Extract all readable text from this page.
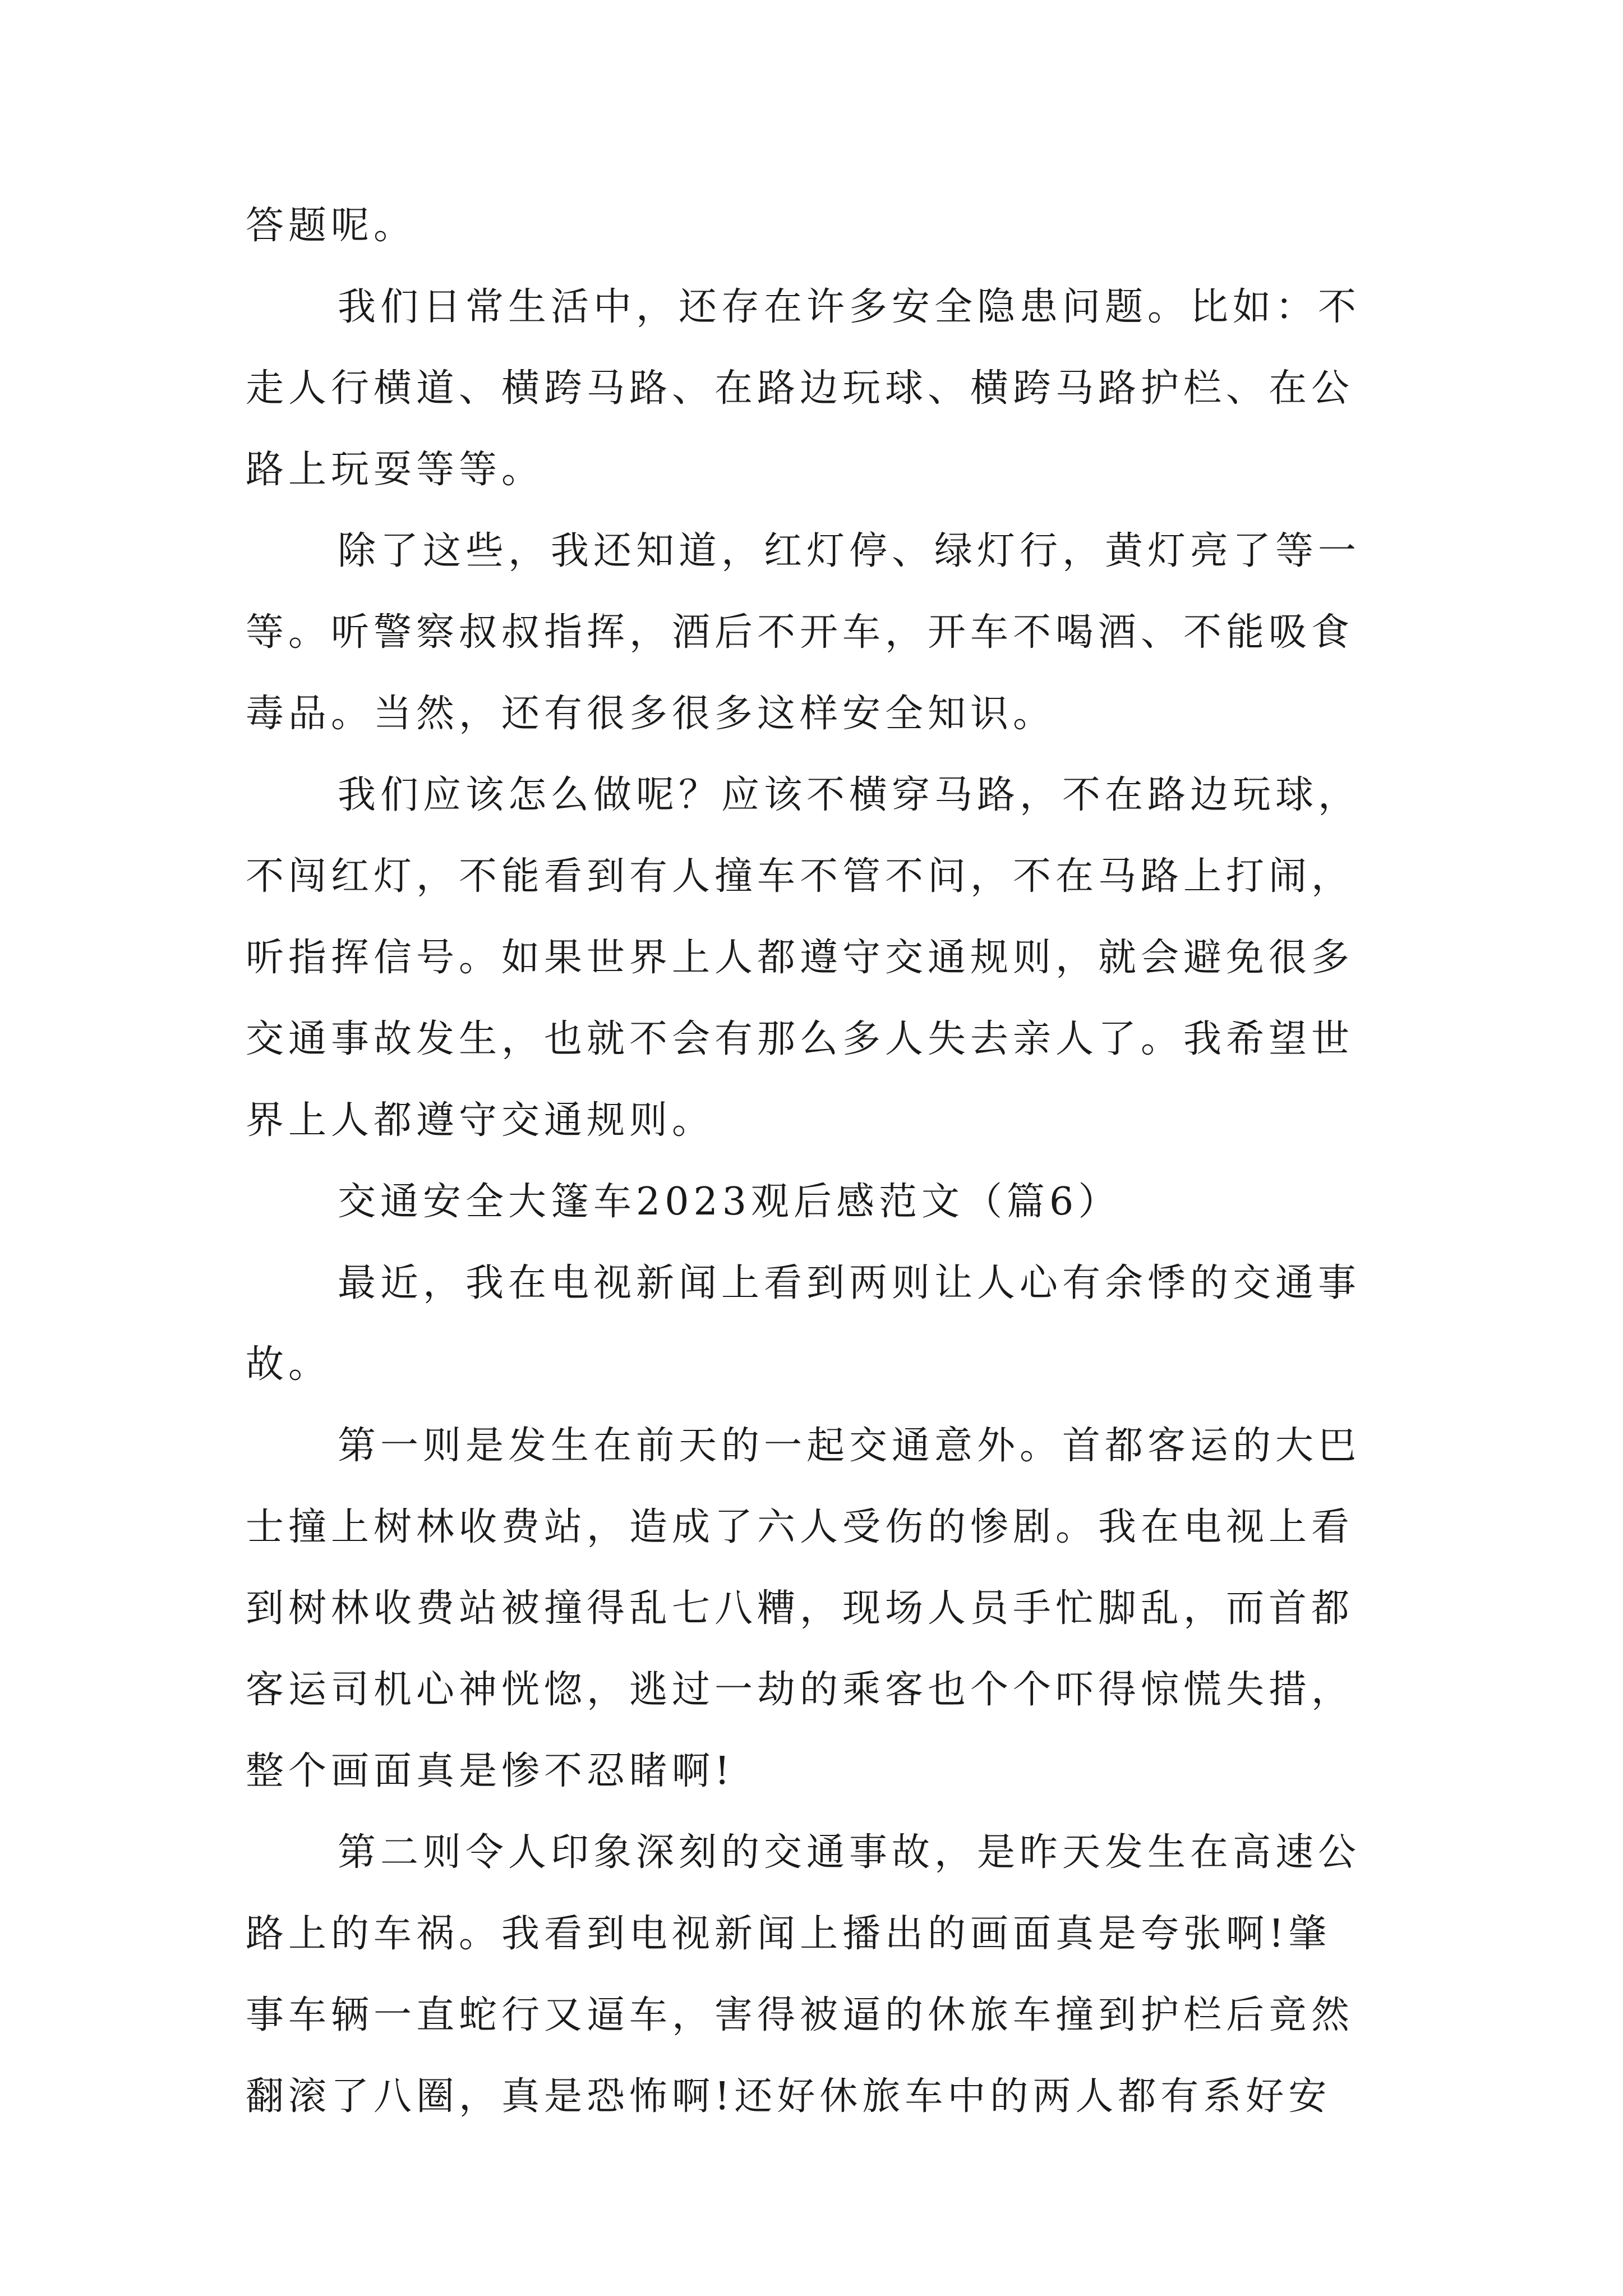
答题呢。
我们日常生活中，还存在许多安全隐患问题。比如：不
走人行横道、横跨马路、在路边玩球、横跨马路护栏、在公
路上玩耍等等。
除了这些，我还知道，红灯停、绿灯行，黄灯亮了等一
等。听警察叔叔指挥，酒后不开车，开车不喝酒、不能吸食
毒品。当然，还有很多很多这样安全知识。
我们应该怎么做呢？应该不横穿马路，不在路边玩球，
不闯红灯，不能看到有人撞车不管不问，不在马路上打闹，
听指挥信号。如果世界上人都遵守交通规则，就会避免很多
交通事故发生，也就不会有那么多人失去亲人了。我希望世
界上人都遵守交通规则。
交通安全大篷车2023观后感范文（篇6）
最近，我在电视新闻上看到两则让人心有余悸的交通事
故。
第一则是发生在前天的一起交通意外。首都客运的大巴
士撞上树林收费站，造成了六人受伤的惨剧。我在电视上看
到树林收费站被撞得乱七八糟，现场人员手忙脚乱，而首都
客运司机心神恍惚，逃过一劫的乘客也个个吓得惊慌失措，
整个画面真是惨不忍睹啊!
第二则令人印象深刻的交通事故，是昨天发生在高速公
路上的车祸。我看到电视新闻上播出的画面真是夸张啊!肇
事车辆一直蛇行又逼车，害得被逼的休旅车撞到护栏后竟然
翻滚了八圈，真是恐怖啊!还好休旅车中的两人都有系好安
